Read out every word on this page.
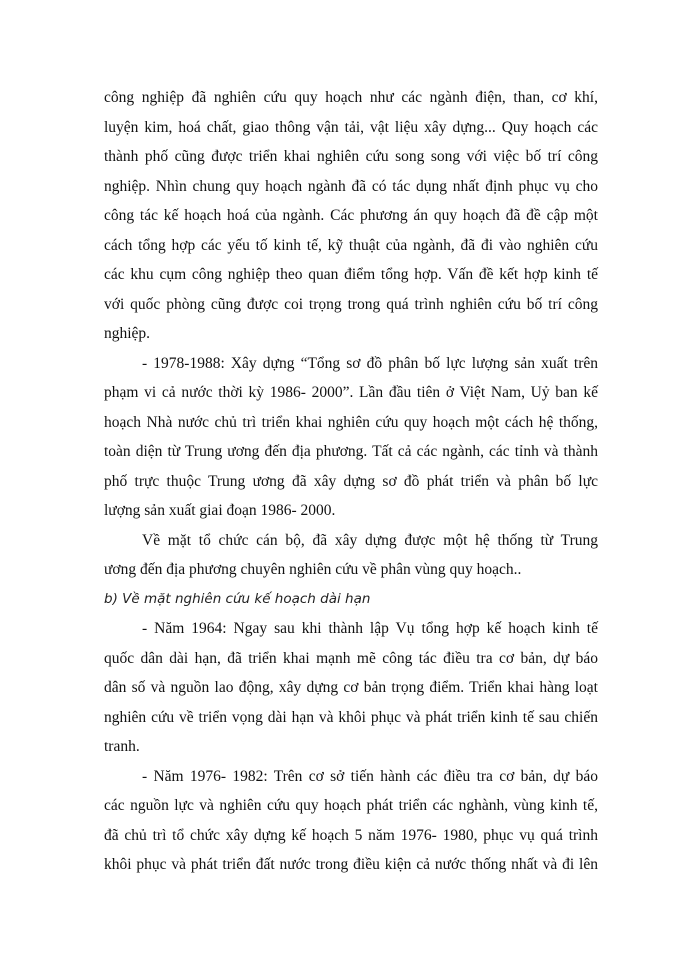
công nghiệp đã nghiên cứu quy hoạch như các ngành điện, than, cơ khí,
luyện kim, hoá chất, giao thông vận tải, vật liệu xây dựng... Quy hoạch các
thành phố cũng được triển khai nghiên cứu song song với việc bố trí công
nghiệp. Nhìn chung quy hoạch ngành đã có tác dụng nhất định phục vụ cho
công tác kế hoạch hoá của ngành. Các phương án quy hoạch đã đề cập một
cách tổng hợp các yếu tố kinh tế, kỹ thuật của ngành, đã đi vào nghiên cứu
các khu cụm công nghiệp theo quan điểm tổng hợp. Vấn đề kết hợp kinh tế
với quốc phòng cũng được coi trọng trong quá trình nghiên cứu bố trí công
nghiệp.

- 1978-1988: Xây dựng “Tổng sơ đồ phân bố lực lượng sản xuất trên
phạm vi cả nước thời kỳ 1986- 2000”. Lần đầu tiên ở Việt Nam, Uỷ ban kế
hoạch Nhà nước chủ trì triển khai nghiên cứu quy hoạch một cách hệ thống,
toàn diện từ Trung ương đến địa phương. Tất cả các ngành, các tỉnh và thành
phố trực thuộc Trung ương đã xây dựng sơ đồ phát triển và phân bố lực
lượng sản xuất giai đoạn 1986- 2000.

Về mặt tổ chức cán bộ, đã xây dựng được một hệ thống từ Trung
ương đến địa phương chuyên nghiên cứu về phân vùng quy hoạch..

b) Về mặt nghiên cứu kế hoạch dài hạn

- Năm 1964: Ngay sau khi thành lập Vụ tổng hợp kế hoạch kinh tế
quốc dân dài hạn, đã triển khai mạnh mẽ công tác điều tra cơ bản, dự báo
dân số và nguồn lao động, xây dựng cơ bản trọng điểm. Triển khai hàng loạt
nghiên cứu về triển vọng dài hạn và khôi phục và phát triển kinh tế sau chiến
tranh.

- Năm 1976- 1982: Trên cơ sở tiến hành các điều tra cơ bản, dự báo
các nguồn lực và nghiên cứu quy hoạch phát triển các nghành, vùng kinh tế,
đã chủ trì tổ chức xây dựng kế hoạch 5 năm 1976- 1980, phục vụ quá trình
khôi phục và phát triển đất nước trong điều kiện cả nước thống nhất và đi lên
